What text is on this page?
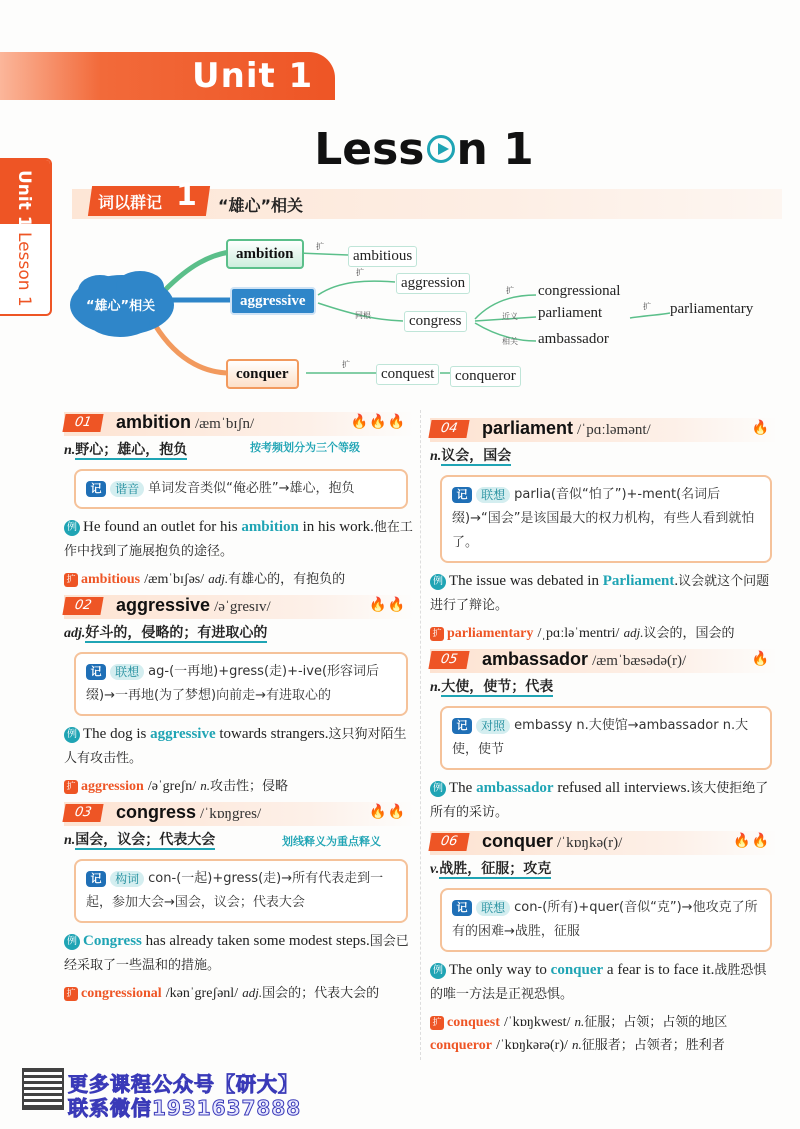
Unit 1
Less n 1
Unit 1
Lesson 1
词以群记 1 “雄心”相关
“雄心”相关
ambition	ambitious
扩
aggressive
aggression
扩
congress
同根
congressional
扩
parliament
近义	parliamentary
扩
ambassador
相关
conquer	conquest
扩
conqueror
01	ambition /æmˈbɪʃn/	🔥🔥🔥
n.野心；雄心，抱负	按考频划分为三个等级
记 谐音 单词发音类似“俺必胜”→雄心，抱负
例 He found an outlet for his ambition in his work.他在工作中找到了施展抱负的途径。
扩 ambitious /æmˈbɪʃəs/ adj.有雄心的，有抱负的
02	aggressive /əˈgresɪv/	🔥🔥
adj.好斗的，侵略的；有进取心的
记 联想 ag-(一再地)+gress(走)+-ive(形容词后缀)→一再地(为了梦想)向前走→有进取心的
例 The dog is aggressive towards strangers.这只狗对陌生人有攻击性。
扩 aggression /əˈgreʃn/ n.攻击性；侵略
03	congress /ˈkɒŋgres/	🔥🔥
n.国会，议会；代表大会	划线释义为重点释义
记 构词 con-(一起)+gress(走)→所有代表走到一起，参加大会→国会，议会；代表大会
例 Congress has already taken some modest steps.国会已经采取了一些温和的措施。
扩 congressional /kənˈgreʃənl/ adj.国会的；代表大会的
04	parliament /ˈpɑːləmənt/	🔥
n.议会，国会
记 联想 parlia(音似“怕了”)+-ment(名词后缀)→“国会”是该国最大的权力机构，有些人看到就怕了。
例 The issue was debated in Parliament.议会就这个问题进行了辩论。
扩 parliamentary /ˌpɑːləˈmentri/ adj.议会的，国会的
05	ambassador /æmˈbæsədə(r)/	🔥
n.大使，使节；代表
记 对照 embassy n.大使馆→ambassador n.大使，使节
例 The ambassador refused all interviews.该大使拒绝了所有的采访。
06	conquer /ˈkɒŋkə(r)/	🔥🔥
v.战胜，征服；攻克
记 联想 con-(所有)+quer(音似“克”)→他攻克了所有的困难→战胜，征服
例 The only way to conquer a fear is to face it.战胜恐惧的唯一方法是正视恐惧。
扩 conquest /ˈkɒŋkwest/ n.征服；占领；占领的地区
conqueror /ˈkɒŋkərə(r)/ n.征服者；占领者；胜利者
更多课程公众号【研大】
联系微信1931637888
